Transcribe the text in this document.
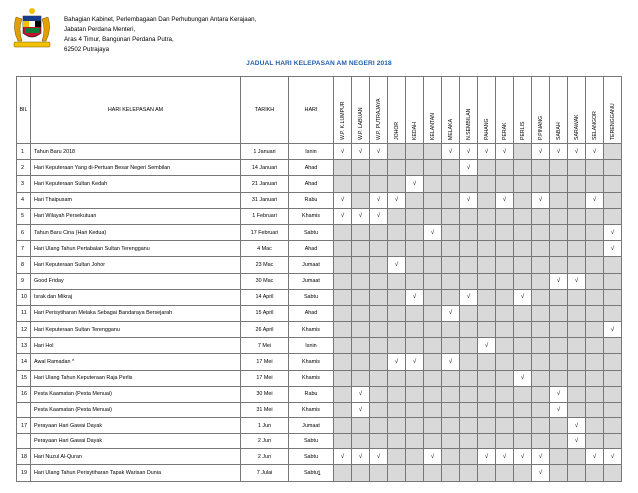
Bahagian Kabinet, Perlembagaan Dan Perhubungan Antara Kerajaan,
Jabatan Perdana Menteri,
Aras 4 Timur, Bangunan Perdana Putra,
62502 Putrajaya
JADUAL HARI KELEPASAN AM NEGERI 2018
BIL	HARI KELEPASAN AM	TARIKH	HARI	W.P. K.LUMPUR	W.P. LABUAN	W.P. PUTRAJAYA	JOHOR	KEDAH	KELANTAN	MELAKA	N.SEMBILAN	PAHANG	PERAK	PERLIS	P.PINANG	SABAH	SARAWAK	SELANGOR	TERENGGANU

1	Tahun Baru 2018	1 Januari	Isnin	√	√	√				√	√	√	√		√	√	√	√	
2	Hari Keputeraan Yang di-Pertuan Besar Negeri Sembilan	14 Januari	Ahad								√								
3	Hari Keputeraan Sultan Kedah	21 Januari	Ahad					√											
4	Hari Thaipusam	31 Januari	Rabu	√		√	√				√		√		√			√	
5	Hari Wilayah Persekutuan	1 Februari	Khamis	√	√	√													
6	Tahun Baru Cina (Hari Kedua)	17 Februari	Sabtu						√										√
7	Hari Ulang Tahun Pertabalan Sultan Terengganu	4 Mac	Ahad																√
8	Hari Keputeraan Sultan Johor	23 Mac	Jumaat				√												
9	Good Friday	30 Mac	Jumaat													√	√		
10	Israk dan Mikraj	14 April	Sabtu					√			√			√					
11	Hari Perisytiharan Melaka Sebagai Bandaraya Bersejarah	15 April	Ahad							√									
12	Hari Keputeraan Sultan Terengganu	26 April	Khamis																√
13	Hari Hol	7 Mei	Isnin									√							
14	Awal Ramadan *	17 Mei	Khamis				√	√		√									
15	Hari Ulang Tahun Keputeraan Raja Perlis	17 Mei	Khamis											√					
16	Pesta Kaamatan (Pesta Menuai)	30 Mei	Rabu		√											√			
	Pesta Kaamatan (Pesta Menuai)	31 Mei	Khamis		√											√			
17	Perayaan Hari Gawai Dayak	1 Jun	Jumaat														√		
	Perayaan Hari Gawai Dayak	2 Jun	Sabtu														√		
18	Hari Nuzul Al-Quran	2 Jun	Sabtu	√	√	√			√			√	√	√	√			√	√
19	Hari Ulang Tahun Perisytiharan Tapak Warisan Dunia	7 Julai	Sabtu												√				
1
